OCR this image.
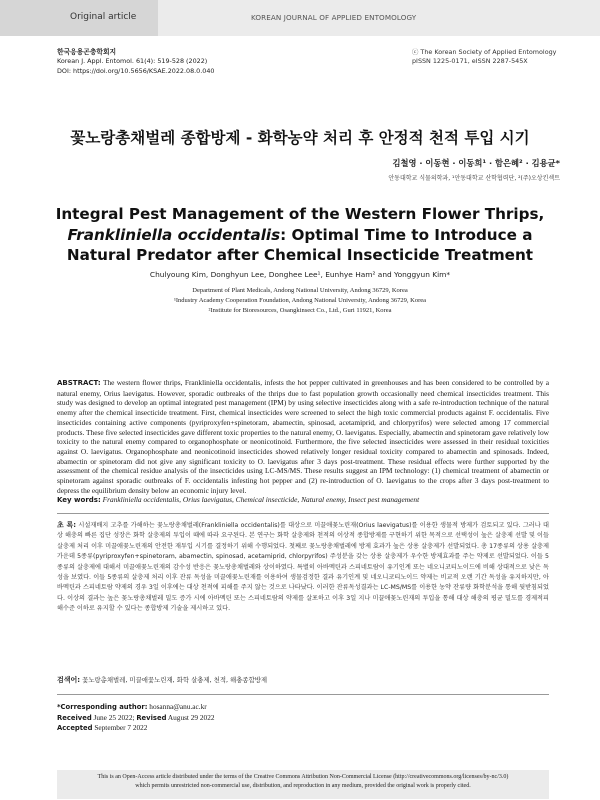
Original article	KOREAN JOURNAL OF APPLIED ENTOMOLOGY
한국응용곤충학회지
Korean J. Appl. Entomol. 61(4): 519-528 (2022)
DOI: https://doi.org/10.5656/KSAE.2022.08.0.040
ⓒ The Korean Society of Applied Entomology
pISSN 1225-0171, eISSN 2287-545X
꽃노랑총채벌레 종합방제 - 화학농약 처리 후 안정적 천적 투입 시기
김철영 · 이동현 · 이동희¹ · 함은혜² · 김용균*
안동대학교 식물의학과, ¹안동대학교 산학협력단, ²(주)오상킨섹트
Integral Pest Management of the Western Flower Thrips, Frankliniella occidentalis: Optimal Time to Introduce a Natural Predator after Chemical Insecticide Treatment
Chulyoung Kim, Donghyun Lee, Donghee Lee¹, Eunhye Ham² and Yonggyun Kim*
Department of Plant Medicals, Andong National University, Andong 36729, Korea
¹Industry Academy Cooperation Foundation, Andong National University, Andong 36729, Korea
²Institute for Bioresources, Osangkinsect Co., Ltd., Guri 11921, Korea
ABSTRACT: The western flower thrips, Frankliniella occidentalis, infests the hot pepper cultivated in greenhouses and has been considered to be controlled by a natural enemy, Orius laevigatus. However, sporadic outbreaks of the thrips due to fast population growth occasionally need chemical insecticides treatment. This study was designed to develop an optimal integrated pest management (IPM) by using selective insecticides along with a safe re-introduction technique of the natural enemy after the chemical insecticide treatment. First, chemical insecticides were screened to select the high toxic commercial products against F. occidentalis. Five insecticides containing active components (pyriproxyfen+spinetoram, abamectin, spinosad, acetamiprid, and chlorpyrifos) were selected among 17 commercial products. These five selected insecticides gave different toxic properties to the natural enemy, O. laevigatus. Especially, abamectin and spinetoram gave relatively low toxicity to the natural enemy compared to organophosphate or neonicotinoid. Furthermore, the five selected insecticides were assessed in their residual toxicities against O. laevigatus. Organophosphate and neonicotinoid insecticides showed relatively longer residual toxicity compared to abamectin and spinosads. Indeed, abamectin or spinetoram did not give any significant toxicity to O. laevigatus after 3 days post-treatment. These residual effects were further supported by the assessment of the chemical residue analysis of the insecticides using LC-MS/MS. These results suggest an IPM technology: (1) chemical treatment of abamectin or spinetoram against sporadic outbreaks of F. occidentalis infesting hot pepper and (2) re-introduction of O. laevigatus to the crops after 3 days post-treatment to depress the equilibrium density below an economic injury level.
Key words: Frankliniella occidentalis, Orius laevigatus, Chemical insecticide, Natural enemy, Insect pest management
초 록: 시설재배지 고추를 가해하는 꽃노랑총채벌레(Frankliniella occidentalis)를 대상으로 미끌애꽃노린재(Orius laevigatus)를 이용한 생물적 방제가 검토되고 있다. 그러나 대상 해충의 빠른 집단 성장은 화학 살충제의 투입이 때에 따라 요구된다. 본 연구는 화학 살충제와 천적의 이상적 종합방제를 구현하기 위한 목적으로 선택성이 높은 살충제 선발 및 이들 살충제 처리 이후 미끌애꽃노린재의 안전한 재투입 시기를 결정하기 위해 수행되었다. 첫째로 꽃노랑총채벌레에 방제 효과가 높은 상용 살충제가 선발되었다. 총 17종류의 상용 살충제 가운데 5종류(pyriproxyfen+spinetoram, abamectin, spinosad, acetamiprid, chlorpyrifos) 주성분을 갖는 상용 살충제가 우수한 방제효과를 주는 약제로 선발되었다. 이들 5종류의 살충제에 대해서 미끌애꽃노린재의 감수성 반응은 꽃노랑총채벌레와 상이하였다. 특별히 아바멕틴과 스피네토람이 유기인계 또는 네오니코티노이드에 비해 상대적으로 낮은 독성을 보였다. 이들 5종류의 살충제 처리 이후 잔류 독성을 미끌애꽃노린재를 이용하여 생물검정한 결과 유기인계 및 네오니코티노이드 약제는 비교적 오랜 기간 독성을 유지하지만, 아바멕틴과 스피네토람 약제의 경우 3일 이후에는 대상 천적에 피해를 주지 않는 것으로 나타났다. 이러한 잔류독성결과는 LC-MS/MS를 이용한 농약 잔류량 화학분석을 통해 뒷받침되었다. 이상의 결과는 높은 꽃노랑총채벌레 밀도 증가 시에 아바멕틴 또는 스피네토람의 약제를 살포하고 이후 3일 지나 미끌애꽃노린재의 투입을 통해 대상 해충의 평균 밀도를 경제적피해수준 이하로 유지할 수 있다는 종합방제 기술을 제시하고 있다.
검색어: 꽃노랑총채벌레, 미끌애꽃노린재, 화학 살충제, 천적, 해충종합방제
*Corresponding author: hosanna@anu.ac.kr
Received June 25 2022; Revised August 29 2022
Accepted September 7 2022
This is an Open-Access article distributed under the terms of the Creative Commons Attribution Non-Commercial License (http://creativecommons.org/licenses/by-nc/3.0)
which permits unrestricted non-commercial use, distribution, and reproduction in any medium, provided the original work is properly cited.
